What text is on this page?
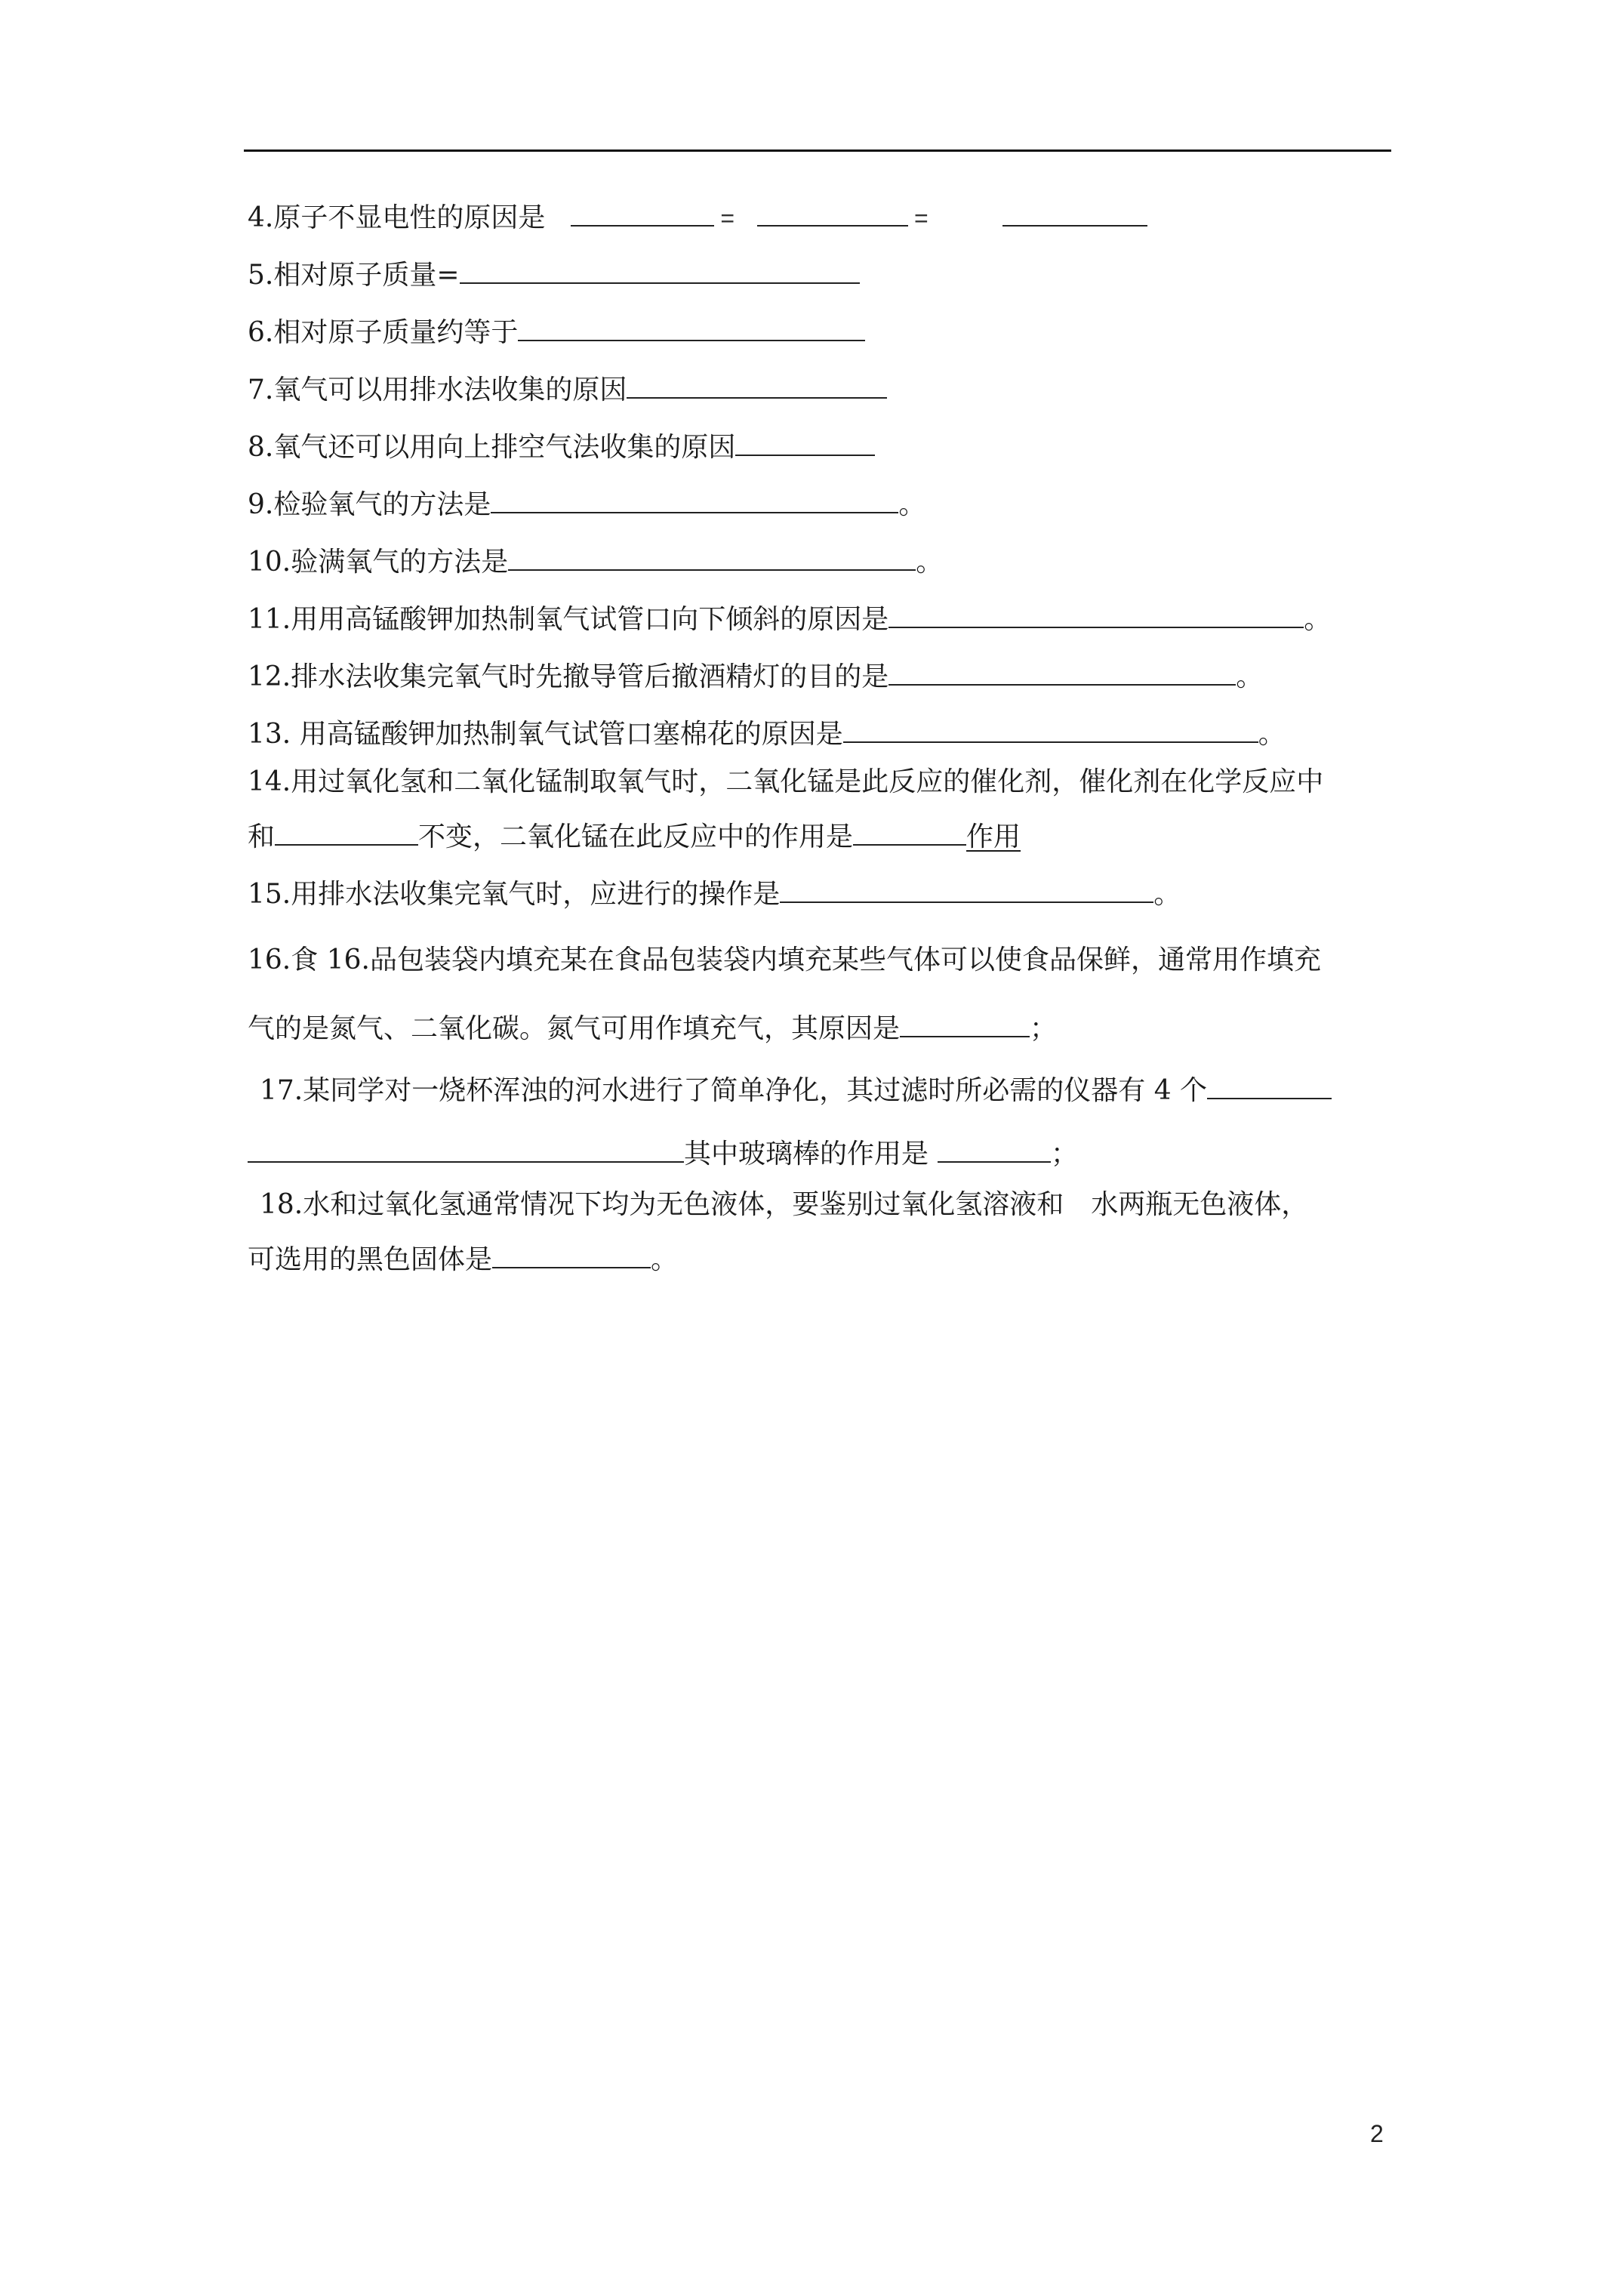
4.原子不显电性的原因是	=	=
5.相对原子质量=
6.相对原子质量约等于
7.氧气可以用排水法收集的原因
8.氧气还可以用向上排空气法收集的原因
9.检验氧气的方法是	。
10.验满氧气的方法是	。
11.用用高锰酸钾加热制氧气试管口向下倾斜的原因是	。
12.排水法收集完氧气时先撤导管后撤酒精灯的目的是	。
13. 用高锰酸钾加热制氧气试管口塞棉花的原因是	。
14.用过氧化氢和二氧化锰制取氧气时，二氧化锰是此反应的催化剂，催化剂在化学反应中
和	不变，二氧化锰在此反应中的作用是	作用
15.用排水法收集完氧气时，应进行的操作是	。
16.食 16.品包装袋内填充某在食品包装袋内填充某些气体可以使食品保鲜，通常用作填充
气的是氮气、二氧化碳。氮气可用作填充气，其原因是	；
17.某同学对一烧杯浑浊的河水进行了简单净化，其过滤时所必需的仪器有 4 个
其中玻璃棒的作用是	；
18.水和过氧化氢通常情况下均为无色液体，要鉴别过氧化氢溶液和　水两瓶无色液体，
可选用的黑色固体是	。
2
